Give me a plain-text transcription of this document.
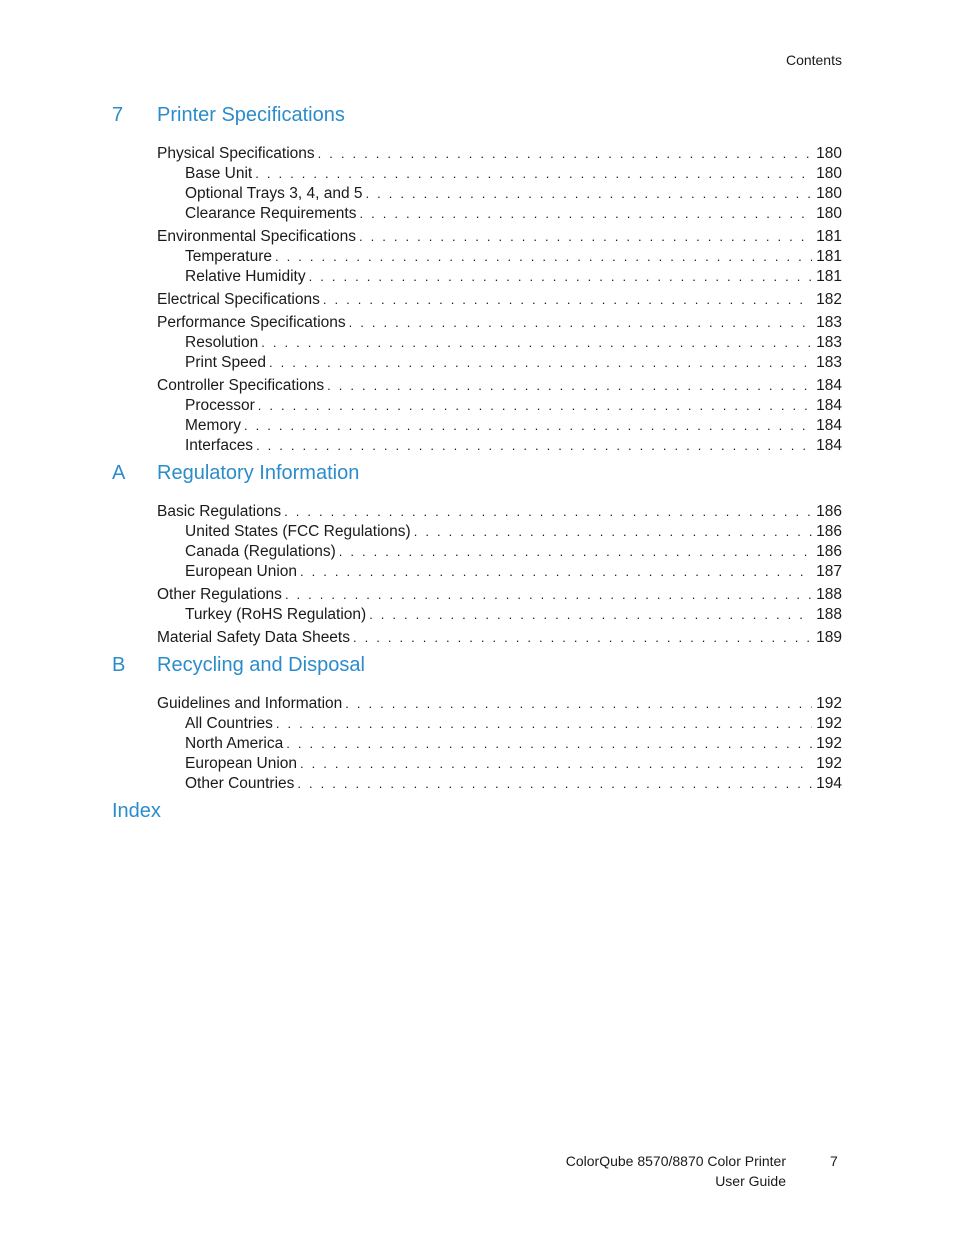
Contents
7	Printer Specifications
Physical Specifications . . .	180
Base Unit . . .	180
Optional Trays 3, 4, and 5 . . .	180
Clearance Requirements . . .	180
Environmental Specifications . . .	181
Temperature . . .	181
Relative Humidity . . .	181
Electrical Specifications . . .	182
Performance Specifications . . .	183
Resolution . . .	183
Print Speed . . .	183
Controller Specifications . . .	184
Processor . . .	184
Memory . . .	184
Interfaces . . .	184
A	Regulatory Information
Basic Regulations . . .	186
United States (FCC Regulations) . . .	186
Canada (Regulations) . . .	186
European Union . . .	187
Other Regulations . . .	188
Turkey (RoHS Regulation) . . .	188
Material Safety Data Sheets . . .	189
B	Recycling and Disposal
Guidelines and Information . . .	192
All Countries . . .	192
North America . . .	192
European Union . . .	192
Other Countries . . .	194
Index
ColorQube 8570/8870 Color Printer
User Guide
7
